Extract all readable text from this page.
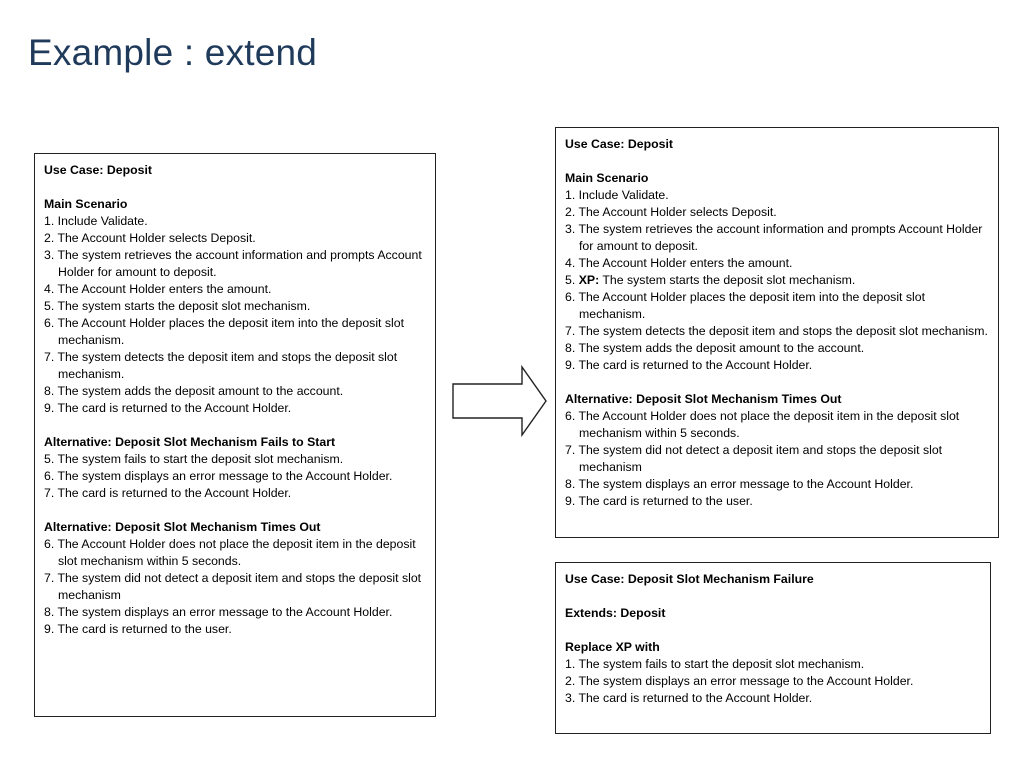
Example : extend
Use Case: Deposit
Main Scenario
1. Include Validate.
2. The Account Holder selects Deposit.
3. The system retrieves the account information and prompts Account Holder for amount to deposit.
4. The Account Holder enters the amount.
5. The system starts the deposit slot mechanism.
6. The Account Holder places the deposit item into the deposit slot mechanism.
7. The system detects the deposit item and stops the deposit slot mechanism.
8. The system adds the deposit amount to the account.
9. The card is returned to the Account Holder.
Alternative: Deposit Slot Mechanism Fails to Start
5. The system fails to start the deposit slot mechanism.
6. The system displays an error message to the Account Holder.
7. The card is returned to the Account Holder.
Alternative: Deposit Slot Mechanism Times Out
6. The Account Holder does not place the deposit item in the deposit slot mechanism within 5 seconds.
7. The system did not detect a deposit item and stops the deposit slot mechanism
8. The system displays an error message to the Account Holder.
9. The card is returned to the user.
Use Case: Deposit
Main Scenario
1. Include Validate.
2. The Account Holder selects Deposit.
3. The system retrieves the account information and prompts Account Holder for amount to deposit.
4. The Account Holder enters the amount.
5. XP: The system starts the deposit slot mechanism.
6. The Account Holder places the deposit item into the deposit slot mechanism.
7. The system detects the deposit item and stops the deposit slot mechanism.
8. The system adds the deposit amount to the account.
9. The card is returned to the Account Holder.
Alternative: Deposit Slot Mechanism Times Out
6. The Account Holder does not place the deposit item in the deposit slot mechanism within 5 seconds.
7. The system did not detect a deposit item and stops the deposit slot mechanism
8. The system displays an error message to the Account Holder.
9. The card is returned to the user.
Use Case: Deposit Slot Mechanism Failure
Extends: Deposit
Replace XP with
1. The system fails to start the deposit slot mechanism.
2. The system displays an error message to the Account Holder.
3. The card is returned to the Account Holder.
